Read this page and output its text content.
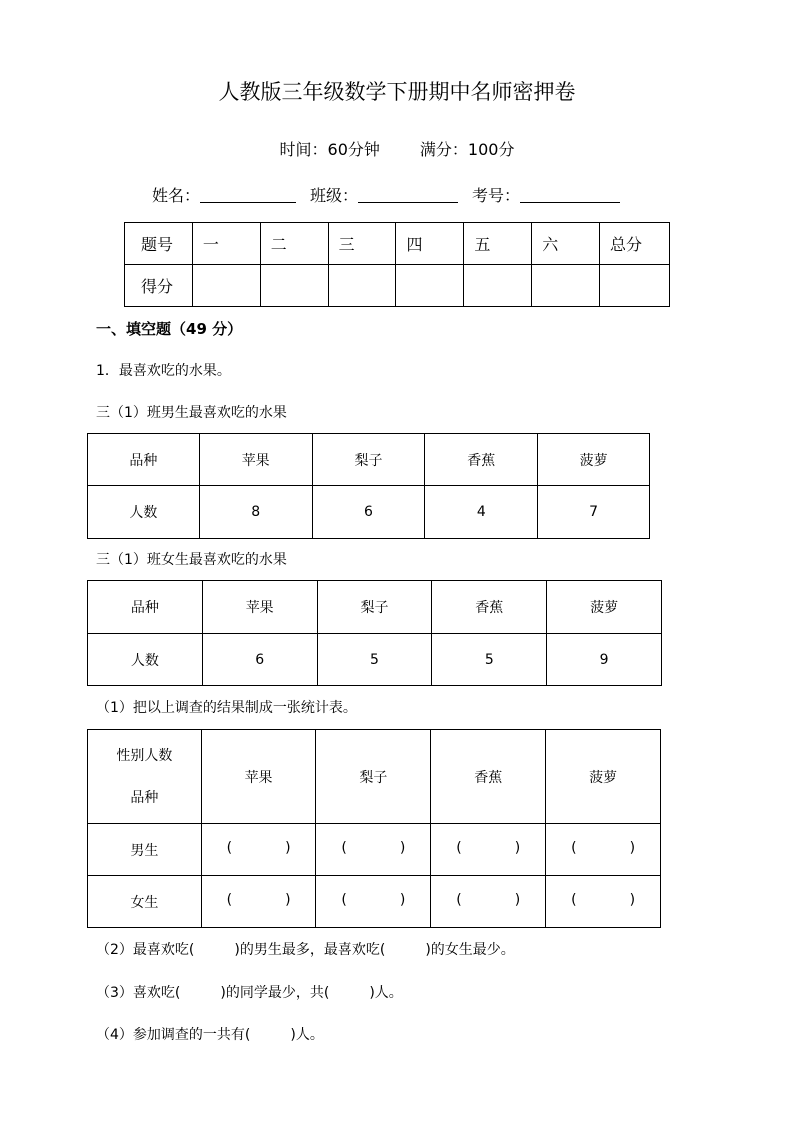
人教版三年级数学下册期中名师密押卷
时间：60分钟	满分：100分
姓名：	班级：	考号：
题号	一	二	三	四	五	六	总分
得分							
一、填空题（49 分）
1．最喜欢吃的水果。
三（1）班男生最喜欢吃的水果
品种	苹果	梨子	香蕉	菠萝
人数	8	6	4	7
三（1）班女生最喜欢吃的水果
品种	苹果	梨子	香蕉	菠萝
人数	6	5	5	9
（1）把以上调查的结果制成一张统计表。
性别人数
品种	苹果	梨子	香蕉	菠萝
男生	( )	( )	( )	( )

女生	( )	( )	( )	( )
（2）最喜欢吃(	)的男生最多，最喜欢吃(	)的女生最少。
（3）喜欢吃(	)的同学最少，共(	)人。
（4）参加调查的一共有(	)人。
